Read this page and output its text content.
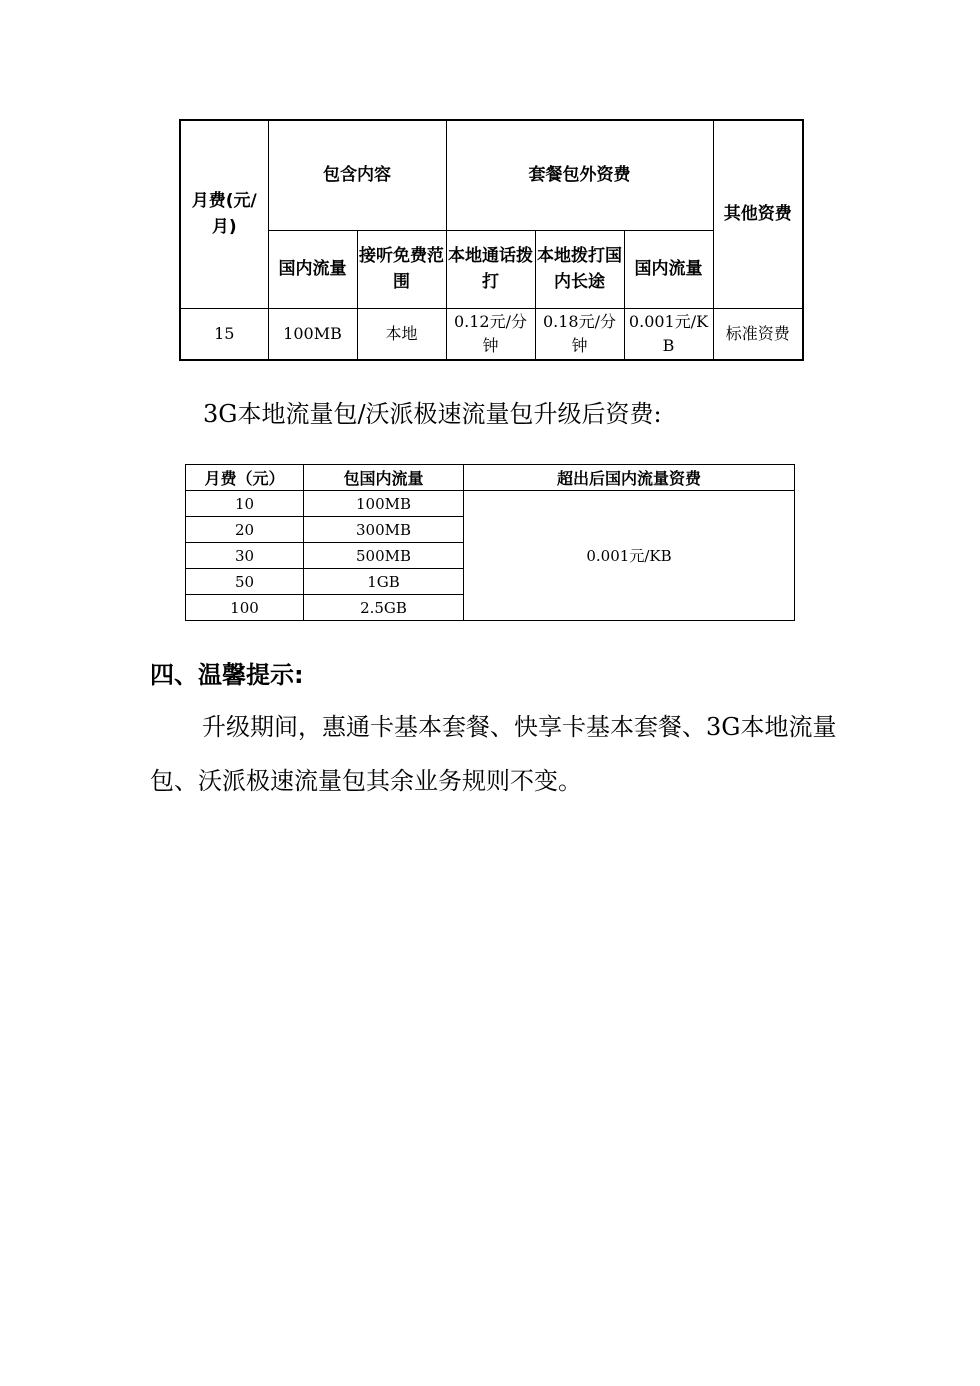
月费(元/月)	包含内容		套餐包外资费			其他资费
	国内流量	接听免费范围	本地通话拨打	本地拨打国内长途	国内流量	
15	100MB	本地	0.12元/分钟	0.18元/分钟	0.001元/KB	标准资费

3G本地流量包/沃派极速流量包升级后资费:

月费（元）	包国内流量	超出后国内流量资费
10	100MB	0.001元/KB
20	300MB	
30	500MB	
50	1GB	
100	2.5GB	
四、温馨提示:

升级期间，惠通卡基本套餐、快享卡基本套餐、3G本地流量包、沃派极速流量包其余业务规则不变。
